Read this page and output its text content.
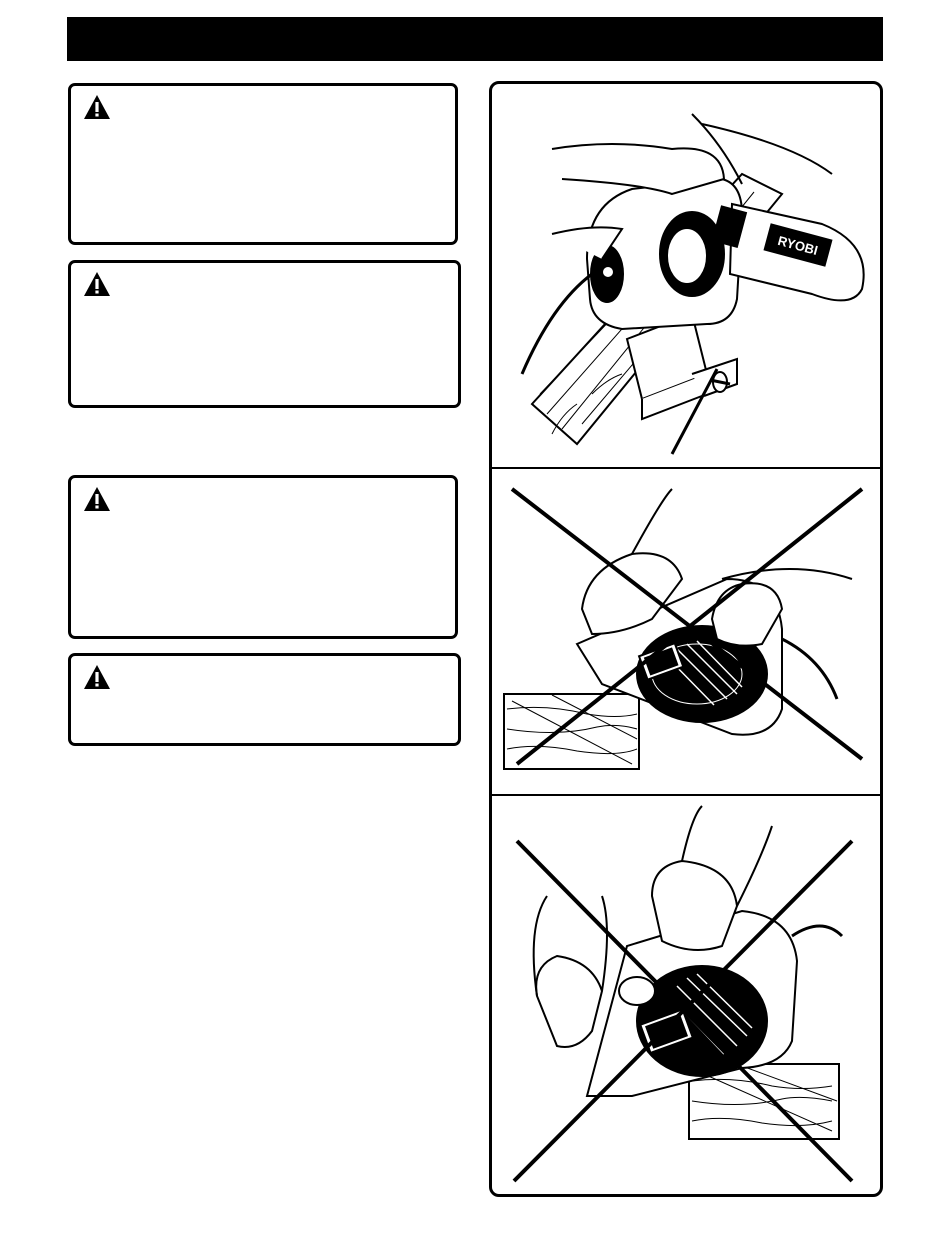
RYOBI
